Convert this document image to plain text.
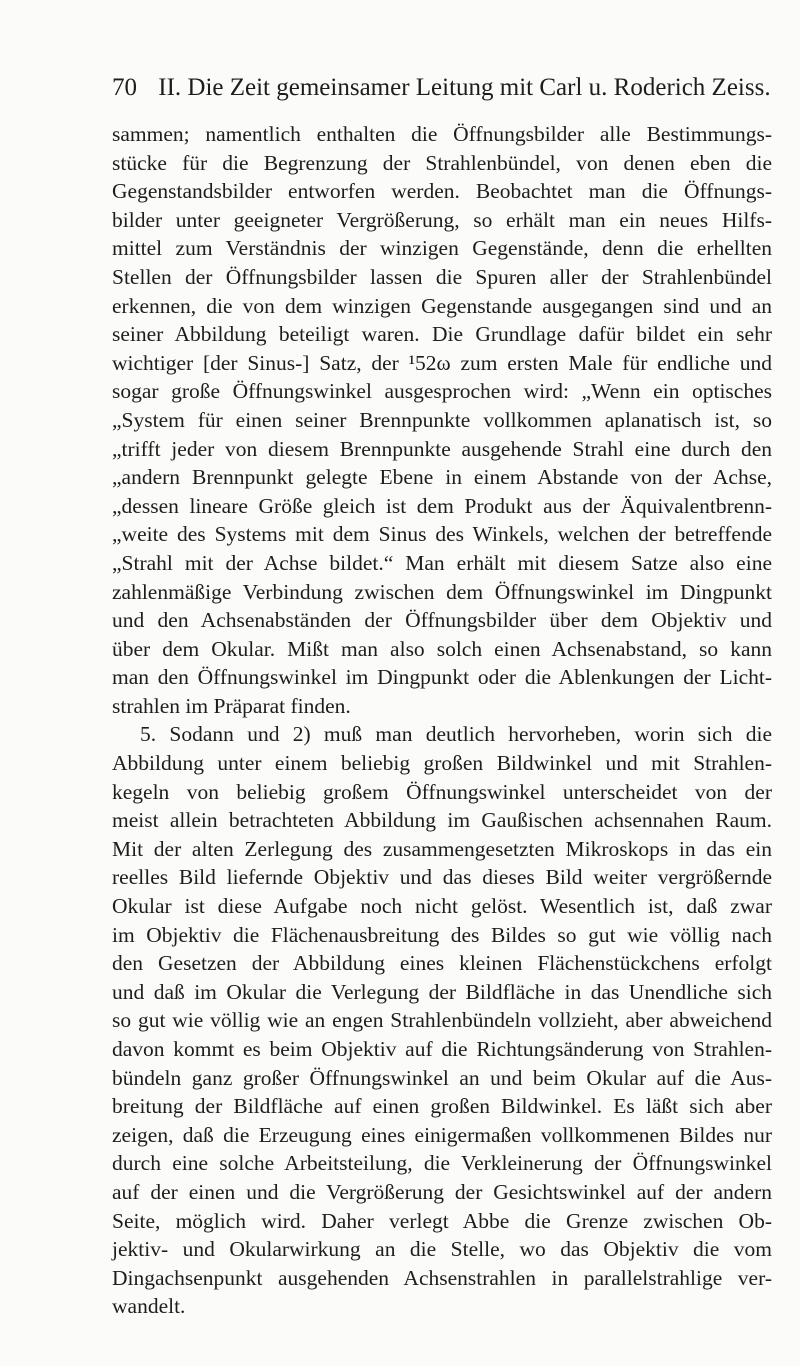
70 II. Die Zeit gemeinsamer Leitung mit Carl u. Roderich Zeiss.
sammen; namentlich enthalten die Öffnungsbilder alle Bestimmungs-
stücke für die Begrenzung der Strahlenbündel, von denen eben die
Gegenstandsbilder entworfen werden. Beobachtet man die Öffnungs-
bilder unter geeigneter Vergrößerung, so erhält man ein neues Hilfs-
mittel zum Verständnis der winzigen Gegenstände, denn die erhellten
Stellen der Öffnungsbilder lassen die Spuren aller der Strahlenbündel
erkennen, die von dem winzigen Gegenstande ausgegangen sind und an
seiner Abbildung beteiligt waren. Die Grundlage dafür bildet ein sehr
wichtiger [der Sinus-] Satz, der ¹52ω zum ersten Male für endliche und
sogar große Öffnungswinkel ausgesprochen wird: „Wenn ein optisches
„System für einen seiner Brennpunkte vollkommen aplanatisch ist, so
„trifft jeder von diesem Brennpunkte ausgehende Strahl eine durch den
„andern Brennpunkt gelegte Ebene in einem Abstande von der Achse,
„dessen lineare Größe gleich ist dem Produkt aus der Äquivalentbrenn-
„weite des Systems mit dem Sinus des Winkels, welchen der betreffende
„Strahl mit der Achse bildet.“ Man erhält mit diesem Satze also eine
zahlenmäßige Verbindung zwischen dem Öffnungswinkel im Dingpunkt
und den Achsenabständen der Öffnungsbilder über dem Objektiv und
über dem Okular. Mißt man also solch einen Achsenabstand, so kann
man den Öffnungswinkel im Dingpunkt oder die Ablenkungen der Licht-
strahlen im Präparat finden.
5. Sodann und 2) muß man deutlich hervorheben, worin sich die
Abbildung unter einem beliebig großen Bildwinkel und mit Strahlen-
kegeln von beliebig großem Öffnungswinkel unterscheidet von der
meist allein betrachteten Abbildung im Gaußischen achsennahen Raum.
Mit der alten Zerlegung des zusammengesetzten Mikroskops in das ein
reelles Bild liefernde Objektiv und das dieses Bild weiter vergrößernde
Okular ist diese Aufgabe noch nicht gelöst. Wesentlich ist, daß zwar
im Objektiv die Flächenausbreitung des Bildes so gut wie völlig nach
den Gesetzen der Abbildung eines kleinen Flächenstückchens erfolgt
und daß im Okular die Verlegung der Bildfläche in das Unendliche sich
so gut wie völlig wie an engen Strahlenbündeln vollzieht, aber abweichend
davon kommt es beim Objektiv auf die Richtungsänderung von Strahlen-
bündeln ganz großer Öffnungswinkel an und beim Okular auf die Aus-
breitung der Bildfläche auf einen großen Bildwinkel. Es läßt sich aber
zeigen, daß die Erzeugung eines einigermaßen vollkommenen Bildes nur
durch eine solche Arbeitsteilung, die Verkleinerung der Öffnungswinkel
auf der einen und die Vergrößerung der Gesichtswinkel auf der andern
Seite, möglich wird. Daher verlegt Abbe die Grenze zwischen Ob-
jektiv- und Okularwirkung an die Stelle, wo das Objektiv die vom
Dingachsenpunkt ausgehenden Achsenstrahlen in parallelstrahlige ver-
wandelt.
